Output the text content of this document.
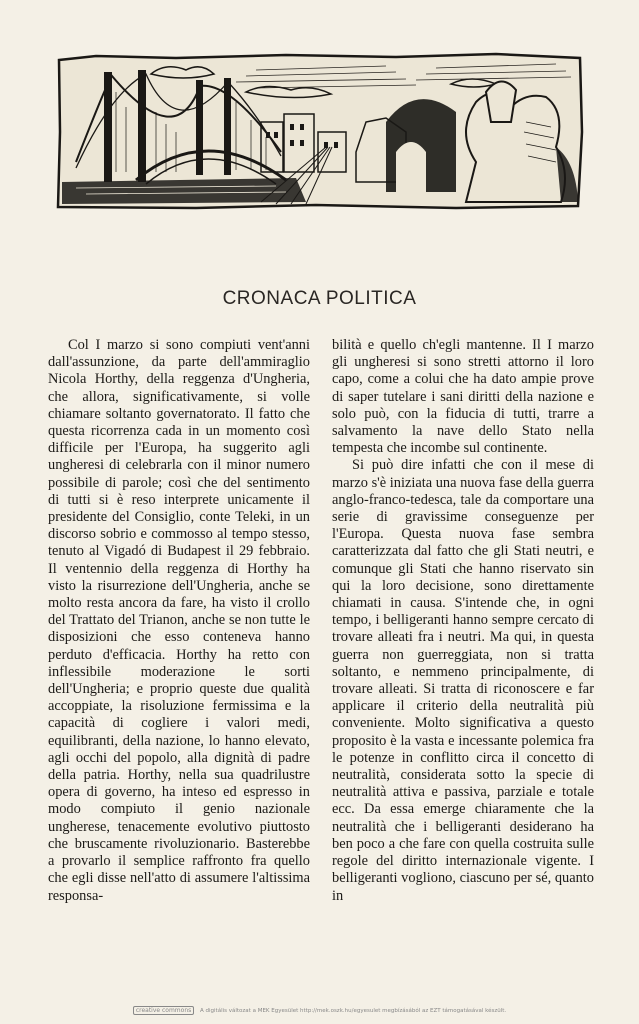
CRONACA POLITICA

Col I marzo si sono compiuti vent'anni dall'assunzione, da parte dell'ammiraglio Nicola Horthy, della reggenza d'Ungheria, che allora, significativamente, si volle chiamare soltanto governatorato. Il fatto che questa ricorrenza cada in un momento così difficile per l'Europa, ha suggerito agli ungheresi di celebrarla con il minor numero possibile di parole; così che del sentimento di tutti si è reso interprete unicamente il presidente del Consiglio, conte Teleki, in un discorso sobrio e commosso al tempo stesso, tenuto al Vigadó di Budapest il 29 febbraio. Il ventennio della reggenza di Horthy ha visto la risurrezione dell'Ungheria, anche se molto resta ancora da fare, ha visto il crollo del Trattato del Trianon, anche se non tutte le disposizioni che esso conteneva hanno perduto d'efficacia. Horthy ha retto con inflessibile moderazione le sorti dell'Ungheria; e proprio queste due qualità accoppiate, la risoluzione fermissima e la capacità di cogliere i valori medi, equilibranti, della nazione, lo hanno elevato, agli occhi del popolo, alla dignità di padre della patria. Horthy, nella sua quadrilustre opera di governo, ha inteso ed espresso in modo compiuto il genio nazionale ungherese, tenacemente evolutivo piuttosto che bruscamente rivoluzionario. Basterebbe a provarlo il semplice raffronto fra quello che egli disse nell'atto di assumere l'altissima responsa-

bilità e quello ch'egli mantenne. Il I marzo gli ungheresi si sono stretti attorno il loro capo, come a colui che ha dato ampie prove di saper tutelare i sani diritti della nazione e solo può, con la fiducia di tutti, trarre a salvamento la nave dello Stato nella tempesta che incombe sul continente.

Si può dire infatti che con il mese di marzo s'è iniziata una nuova fase della guerra anglo-franco-tedesca, tale da comportare una serie di gravissime conseguenze per l'Europa. Questa nuova fase sembra caratterizzata dal fatto che gli Stati neutri, e comunque gli Stati che hanno riservato sin qui la loro decisione, sono direttamente chiamati in causa. S'intende che, in ogni tempo, i belligeranti hanno sempre cercato di trovare alleati fra i neutri. Ma qui, in questa guerra non guerreggiata, non si tratta soltanto, e nemmeno principalmente, di trovare alleati. Si tratta di riconoscere e far applicare il criterio della neutralità più conveniente. Molto significativa a questo proposito è la vasta e incessante polemica fra le potenze in conflitto circa il concetto di neutralità, considerata sotto la specie di neutralità attiva e passiva, parziale e totale ecc. Da essa emerge chiaramente che la neutralità che i belligeranti desiderano ha ben poco a che fare con quella costruita sulle regole del diritto internazionale vigente. I belligeranti vogliono, ciascuno per sé, quanto in

creative commons A digitális változat a MEK Egyesület http://mek.oszk.hu/egyesulet megbízásából az EZT támogatásával készült.
